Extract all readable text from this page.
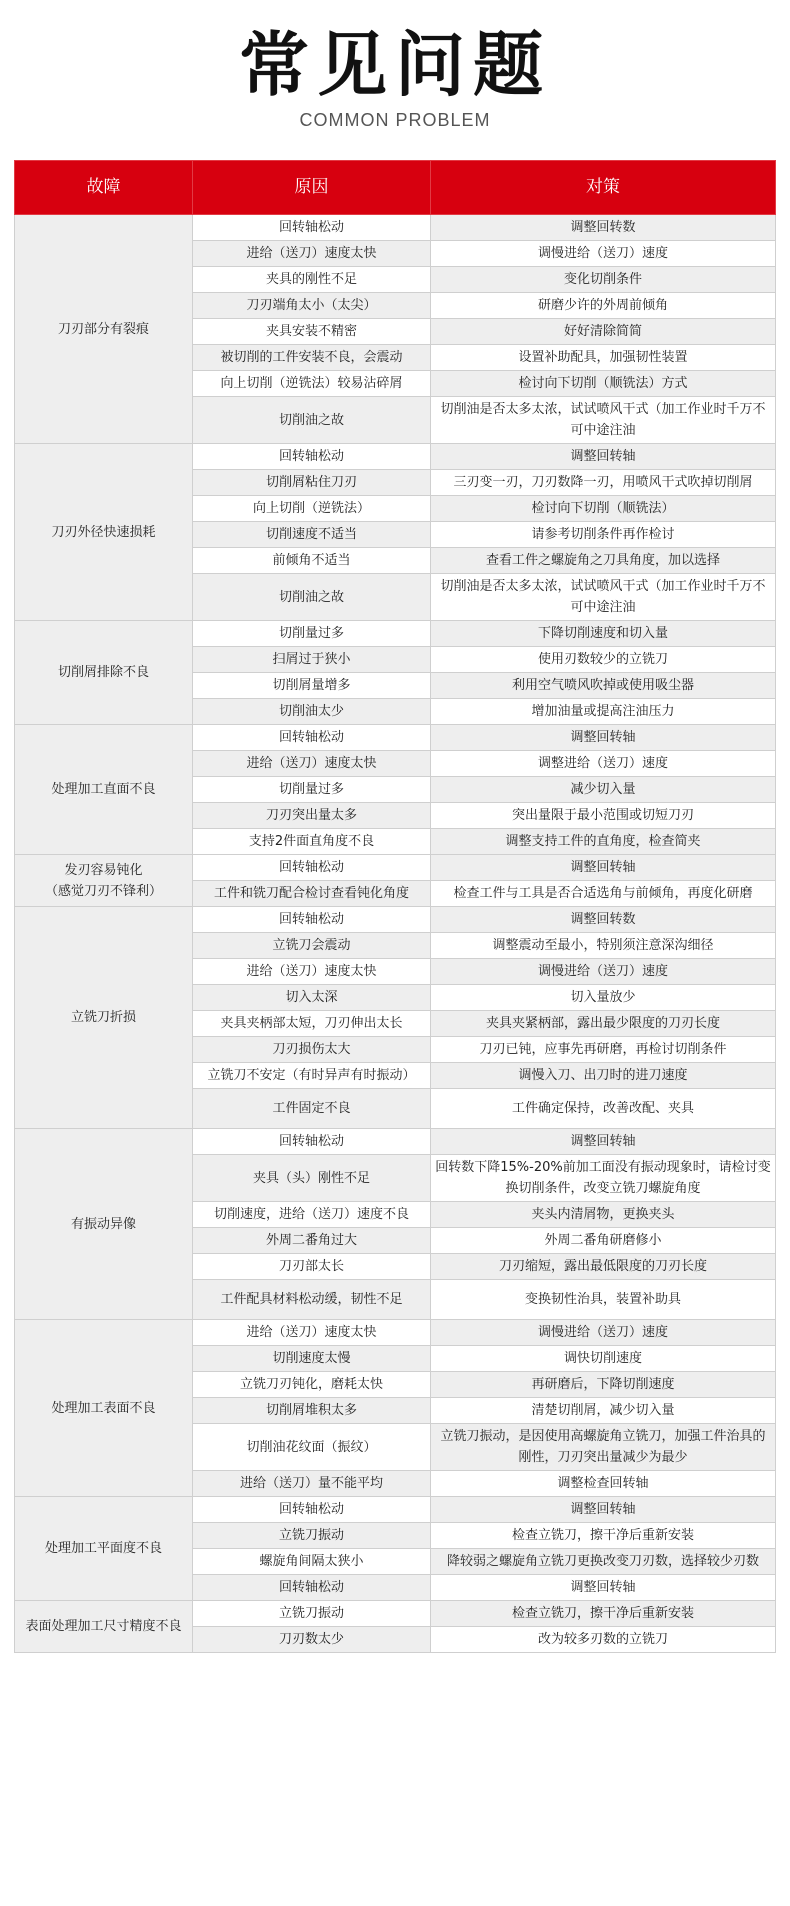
常见问题
COMMON PROBLEM
故障	原因	对策
刀刃部分有裂痕	回转轴松动	调整回转数
	进给（送刀）速度太快	调慢进给（送刀）速度
	夹具的刚性不足	变化切削条件
	刀刃端角太小（太尖）	研磨少许的外周前倾角
	夹具安装不精密	好好清除简简
	被切削的工件安装不良，会震动	设置补助配具，加强韧性装置
	向上切削（逆铣法）较易沾碎屑	检讨向下切削（顺铣法）方式
	切削油之故	切削油是否太多太浓，试试喷风干式（加工作业时千万不可中途注油
刀刃外径快速损耗	回转轴松动	调整回转轴
	切削屑粘住刀刃	三刃变一刃，刀刃数降一刃，用喷风干式吹掉切削屑
	向上切削（逆铣法）	检讨向下切削（顺铣法）
	切削速度不适当	请参考切削条件再作检讨
	前倾角不适当	查看工件之螺旋角之刀具角度，加以选择
	切削油之故	切削油是否太多太浓，试试喷风干式（加工作业时千万不可中途注油
切削屑排除不良	切削量过多	下降切削速度和切入量
	扫屑过于狭小	使用刃数较少的立铣刀
	切削屑量增多	利用空气喷风吹掉或使用吸尘器
	切削油太少	增加油量或提高注油压力
处理加工直面不良	回转轴松动	调整回转轴
	进给（送刀）速度太快	调整进给（送刀）速度
	切削量过多	减少切入量
	刀刃突出量太多	突出量限于最小范围或切短刀刃
	支持2件面直角度不良	调整支持工件的直角度，检查简夹
发刃容易钝化
（感觉刀刃不锋利）	回转轴松动	调整回转轴
	工件和铣刀配合检讨查看钝化角度	检查工件与工具是否合适选角与前倾角，再度化研磨
立铣刀折损	回转轴松动	调整回转数
	立铣刀会震动	调整震动至最小，特别须注意深沟细径
	进给（送刀）速度太快	调慢进给（送刀）速度
	切入太深	切入量放少
	夹具夹柄部太短，刀刃伸出太长	夹具夹紧柄部，露出最少限度的刀刃长度
	刀刃损伤太大	刀刃已钝，应事先再研磨，再检讨切削条件
	立铣刀不安定（有时异声有时振动）	调慢入刀、出刀时的进刀速度
	工件固定不良	工件确定保持，改善改配、夹具
有振动异像	回转轴松动	调整回转轴
	夹具（头）刚性不足	回转数下降15%-20%前加工面没有振动现象时，请检讨变换切削条件，改变立铣刀螺旋角度
	切削速度，进给（送刀）速度不良	夹头内清屑物，更换夹头
	外周二番角过大	外周二番角研磨修小
	刀刃部太长	刀刃缩短，露出最低限度的刀刃长度
	工件配具材料松动缓，韧性不足	变换韧性治具，装置补助具
处理加工表面不良	进给（送刀）速度太快	调慢进给（送刀）速度
	切削速度太慢	调快切削速度
	立铣刀刃钝化，磨耗太快	再研磨后，下降切削速度
	切削屑堆积太多	清楚切削屑，减少切入量
	切削油花纹面（振纹）	立铣刀振动，是因使用高螺旋角立铣刀，加强工件治具的刚性，刀刃突出量减少为最少
	进给（送刀）量不能平均	调整检查回转轴
处理加工平面度不良	回转轴松动	调整回转轴
	立铣刀振动	检查立铣刀，擦干净后重新安装
	螺旋角间隔太狭小	降较弱之螺旋角立铣刀更换改变刀刃数，选择较少刃数
	回转轴松动	调整回转轴
表面处理加工尺寸精度不良	立铣刀振动	检查立铣刀，擦干净后重新安装
	刀刃数太少	改为较多刃数的立铣刀
